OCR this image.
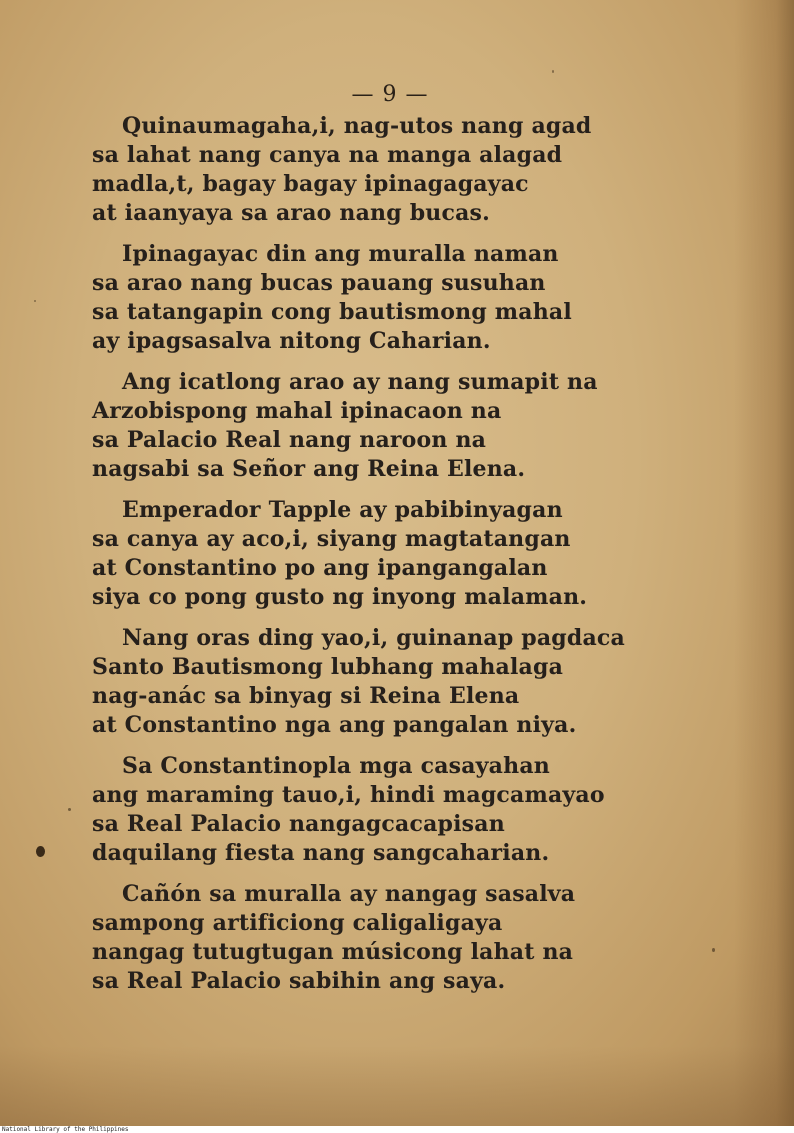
— 9 —
Quinaumagaha,i, nag-utos nang agad
sa lahat nang canya na manga alagad
madla,t, bagay bagay ipinagagayac
at iaanyaya sa arao nang bucas.
Ipinagayac din ang muralla naman
sa arao nang bucas pauang susuhan
sa tatangapin cong bautismong mahal
ay ipagsasalva nitong Caharian.
Ang icatlong arao ay nang sumapit na
Arzobispong mahal ipinacaon na
sa Palacio Real nang naroon na
nagsabi sa Señor ang Reina Elena.
Emperador Tapple ay pabibinyagan
sa canya ay aco,i, siyang magtatangan
at Constantino po ang ipangangalan
siya co pong gusto ng inyong malaman.
Nang oras ding yao,i, guinanap pagdaca
Santo Bautismong lubhang mahalaga
nag-anác sa binyag si Reina Elena
at Constantino nga ang pangalan niya.
Sa Constantinopla mga casayahan
ang maraming tauo,i, hindi magcamayao
sa Real Palacio nangagcacapisan
daquilang fiesta nang sangcaharian.
Cañón sa muralla ay nangag sasalva
sampong artificiong caligaligaya
nangag tutugtugan músicong lahat na
sa Real Palacio sabihin ang saya.
National Library of the Philippines
